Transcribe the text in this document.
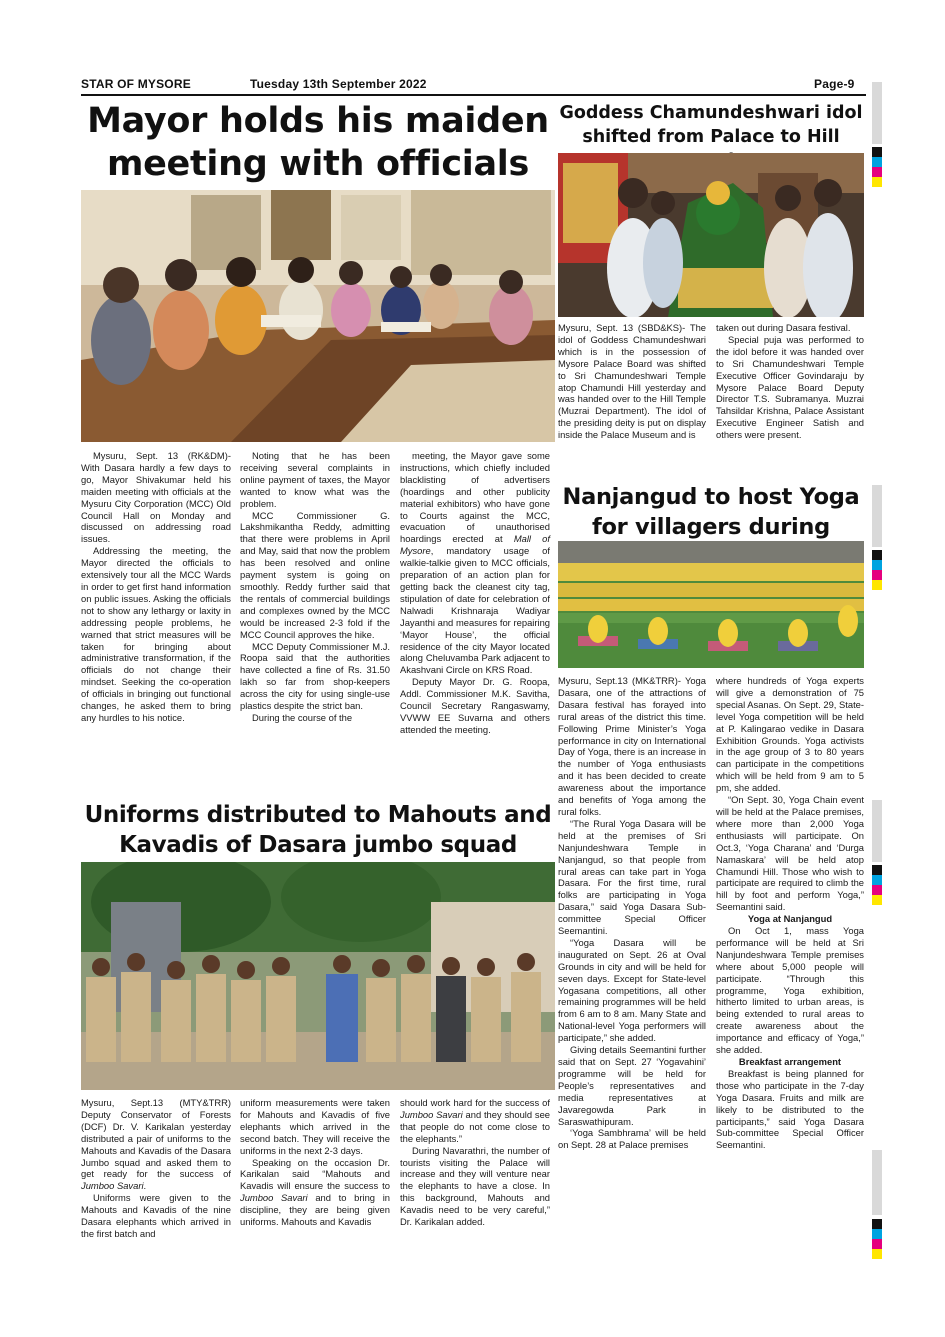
STAR OF MYSORE	Tuesday 13th September 2022	Page-9
Mayor holds his maiden meeting with officials

Mysuru, Sept. 13 (RK&DM)- With Dasara hardly a few days to go, Mayor Shivakumar held his maiden meeting with officials at the Mysuru City Corporation (MCC) Old Council Hall on Monday and discussed on addressing road issues.

Addressing the meeting, the Mayor directed the officials to extensively tour all the MCC Wards in order to get first hand information on public issues. Asking the officials not to show any lethargy or laxity in addressing people problems, he warned that strict measures will be taken for bringing about administrative transformation, if the officials do not change their mindset. Seeking the co-operation of officials in bringing out functional changes, he asked them to bring any hurdles to his notice.

Noting that he has been receiving several complaints in online payment of taxes, the Mayor wanted to know what was the problem.

MCC Commissioner G. Lakshmikantha Reddy, admitting that there were problems in April and May, said that now the problem has been resolved and online payment system is going on smoothly. Reddy further said that the rentals of commercial buildings and complexes owned by the MCC would be increased 2-3 fold if the MCC Council approves the hike.

MCC Deputy Commissioner M.J. Roopa said that the authorities have collected a fine of Rs. 31.50 lakh so far from shop-keepers across the city for using single-use plastics despite the strict ban.

During the course of the

meeting, the Mayor gave some instructions, which chiefly included blacklisting of advertisers (hoardings and other publicity material exhibitors) who have gone to Courts against the MCC, evacuation of unauthorised hoardings erected at Mall of Mysore, mandatory usage of walkie-talkie given to MCC officials, preparation of an action plan for getting back the cleanest city tag, stipulation of date for celebration of Nalwadi Krishnaraja Wadiyar Jayanthi and measures for repairing ‘Mayor House’, the official residence of the city Mayor located along Cheluvamba Park adjacent to Akashvani Circle on KRS Road.

Deputy Mayor Dr. G. Roopa, Addl. Commissioner M.K. Savitha, Council Secretary Rangaswamy, VVWW EE Suvarna and others attended the meeting.

Goddess Chamundeshwari idol shifted from Palace to Hill

Mysuru, Sept. 13 (SBD&KS)- The idol of Goddess Chamundeshwari which is in the possession of Mysore Palace Board was shifted to Sri Chamundeshwari Temple atop Chamundi Hill yesterday and was handed over to the Hill Temple (Muzrai Department). The idol of the presiding deity is put on display inside the Palace Museum and is

taken out during Dasara festival.

Special puja was performed to the idol before it was handed over to Sri Chamundeshwari Temple Executive Officer Govindaraju by Mysore Palace Board Deputy Director T.S. Subramanya. Muzrai Tahsildar Krishna, Palace Assistant Executive Engineer Satish and others were present.

Nanjangud to host Yoga for villagers during

Mysuru, Sept.13 (MK&TRR)- Yoga Dasara, one of the attractions of Dasara festival has forayed into rural areas of the district this time. Following Prime Minister’s Yoga performance in city on International Day of Yoga, there is an increase in the number of Yoga enthusiasts and it has been decided to create awareness about the importance and benefits of Yoga among the rural folks.

“The Rural Yoga Dasara will be held at the premises of Sri Nanjundeshwara Temple in Nanjangud, so that people from rural areas can take part in Yoga Dasara. For the first time, rural folks are participating in Yoga Dasara,” said Yoga Dasara Sub-committee Special Officer Seemantini.

“Yoga Dasara will be inaugurated on Sept. 26 at Oval Grounds in city and will be held for seven days. Except for State-level Yogasana competitions, all other remaining programmes will be held from 6 am to 8 am. Many State and National-level Yoga performers will participate,” she added.

Giving details Seemantini further said that on Sept. 27 ‘Yogavahini’ programme will be held for People’s representatives and media representatives at Javaregowda Park in Saraswathipuram.

‘Yoga Sambhrama’ will be held on Sept. 28 at Palace premises

where hundreds of Yoga experts will give a demonstration of 75 special Asanas. On Sept. 29, State-level Yoga competition will be held at P. Kalingarao vedike in Dasara Exhibition Grounds. Yoga activists in the age group of 3 to 80 years can participate in the competitions which will be held from 9 am to 5 pm, she added.

“On Sept. 30, Yoga Chain event will be held at the Palace premises, where more than 2,000 Yoga enthusiasts will participate. On Oct.3, ‘Yoga Charana’ and ‘Durga Namaskara’ will be held atop Chamundi Hill. Those who wish to participate are required to climb the hill by foot and perform Yoga,” Seemantini said.

Yoga at Nanjangud

On Oct 1, mass Yoga performance will be held at Sri Nanjundeshwara Temple premises where about 5,000 people will participate. “Through this programme, Yoga exhibition, hitherto limited to urban areas, is being extended to rural areas to create awareness about the importance and efficacy of Yoga,” she added.

Breakfast arrangement

Breakfast is being planned for those who participate in the 7-day Yoga Dasara. Fruits and milk are likely to be distributed to the participants,” said Yoga Dasara Sub-committee Special Officer Seemantini.

Uniforms distributed to Mahouts and Kavadis of Dasara jumbo squad

Mysuru, Sept.13 (MTY&TRR) Deputy Conservator of Forests (DCF) Dr. V. Karikalan yesterday distributed a pair of uniforms to the Mahouts and Kavadis of the Dasara Jumbo squad and asked them to get ready for the success of Jumboo Savari.

Uniforms were given to the Mahouts and Kavadis of the nine Dasara elephants which arrived in the first batch and

uniform measurements were taken for Mahouts and Kavadis of five elephants which arrived in the second batch. They will receive the uniforms in the next 2-3 days.

Speaking on the occasion Dr. Karikalan said “Mahouts and Kavadis will ensure the success to Jumboo Savari and to bring in discipline, they are being given uniforms. Mahouts and Kavadis

should work hard for the success of Jumboo Savari and they should see that people do not come close to the elephants.”

During Navarathri, the number of tourists visiting the Palace will increase and they will venture near the elephants to have a close. In this background, Mahouts and Kavadis need to be very careful,” Dr. Karikalan added.
